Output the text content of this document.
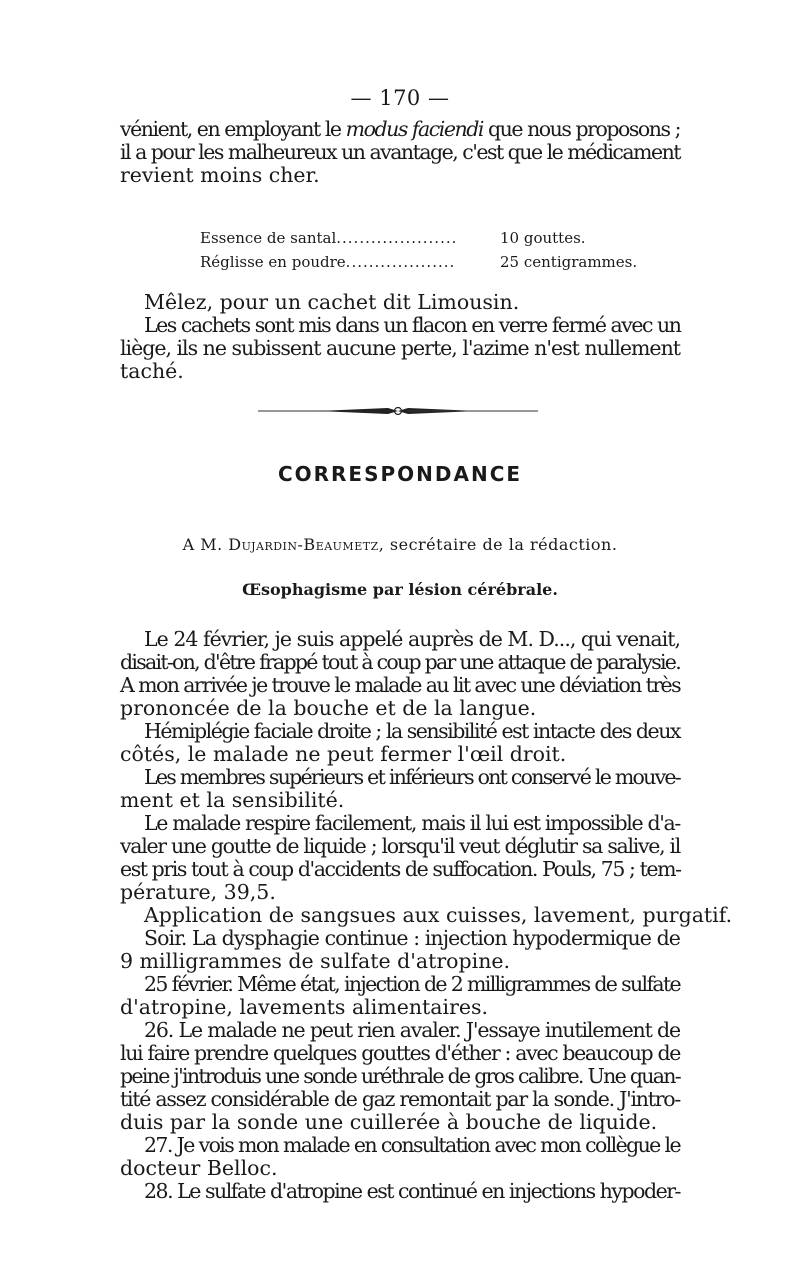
— 170 —
vénient, en employant le modus faciendi que nous proposons ;
il a pour les malheureux un avantage, c'est que le médicament
revient moins cher.
Essence de santal.....................	10 gouttes.
Réglisse en poudre...................	25 centigrammes.
Mêlez, pour un cachet dit Limousin.
Les cachets sont mis dans un flacon en verre fermé avec un
liège, ils ne subissent aucune perte, l'azime n'est nullement
taché.
CORRESPONDANCE
A M. Dujardin-Beaumetz, secrétaire de la rédaction.
Œsophagisme par lésion cérébrale.
Le 24 février, je suis appelé auprès de M. D..., qui venait,
disait-on, d'être frappé tout à coup par une attaque de paralysie.
A mon arrivée je trouve le malade au lit avec une déviation très
prononcée de la bouche et de la langue.
Hémiplégie faciale droite ; la sensibilité est intacte des deux
côtés, le malade ne peut fermer l'œil droit.
Les membres supérieurs et inférieurs ont conservé le mouve-
ment et la sensibilité.
Le malade respire facilement, mais il lui est impossible d'a-
valer une goutte de liquide ; lorsqu'il veut déglutir sa salive, il
est pris tout à coup d'accidents de suffocation. Pouls, 75 ; tem-
pérature, 39,5.
Application de sangsues aux cuisses, lavement, purgatif.
Soir. La dysphagie continue : injection hypodermique de
9 milligrammes de sulfate d'atropine.
25 février. Même état, injection de 2 milligrammes de sulfate
d'atropine, lavements alimentaires.
26. Le malade ne peut rien avaler. J'essaye inutilement de
lui faire prendre quelques gouttes d'éther : avec beaucoup de
peine j'introduis une sonde uréthrale de gros calibre. Une quan-
tité assez considérable de gaz remontait par la sonde. J'intro-
duis par la sonde une cuillerée à bouche de liquide.
27. Je vois mon malade en consultation avec mon collègue le
docteur Belloc.
28. Le sulfate d'atropine est continué en injections hypoder-
